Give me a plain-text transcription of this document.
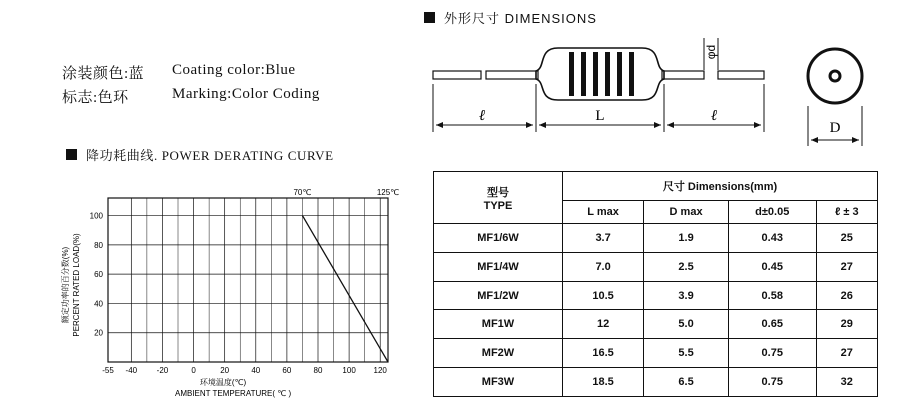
涂装颜色:蓝 Coating color:Blue
标志:色环	Marking:Color Coding
降功耗曲线. POWER DERATING CURVE
-55 -40 -20	0	20	40	60	80 100 120
20
40
60
80
100
70℃	125℃
环境温度(℃)
AMBIENT TEMPERATURE( ℃ )
额定功率的百分数(%) PERCENT RATED LOAD(%)
外形尺寸 DIMENSIONS
φd
ℓ	L	ℓ
D
型号
TYPE	尺寸 Dimensions(mm)			
	L max	D max	d±0.05	ℓ ± 3
MF1/6W	3.7	1.9	0.43	25
MF1/4W	7.0	2.5	0.45	27
MF1/2W	10.5	3.9	0.58	26
MF1W	12	5.0	0.65	29
MF2W	16.5	5.5	0.75	27
MF3W	18.5	6.5	0.75	32
